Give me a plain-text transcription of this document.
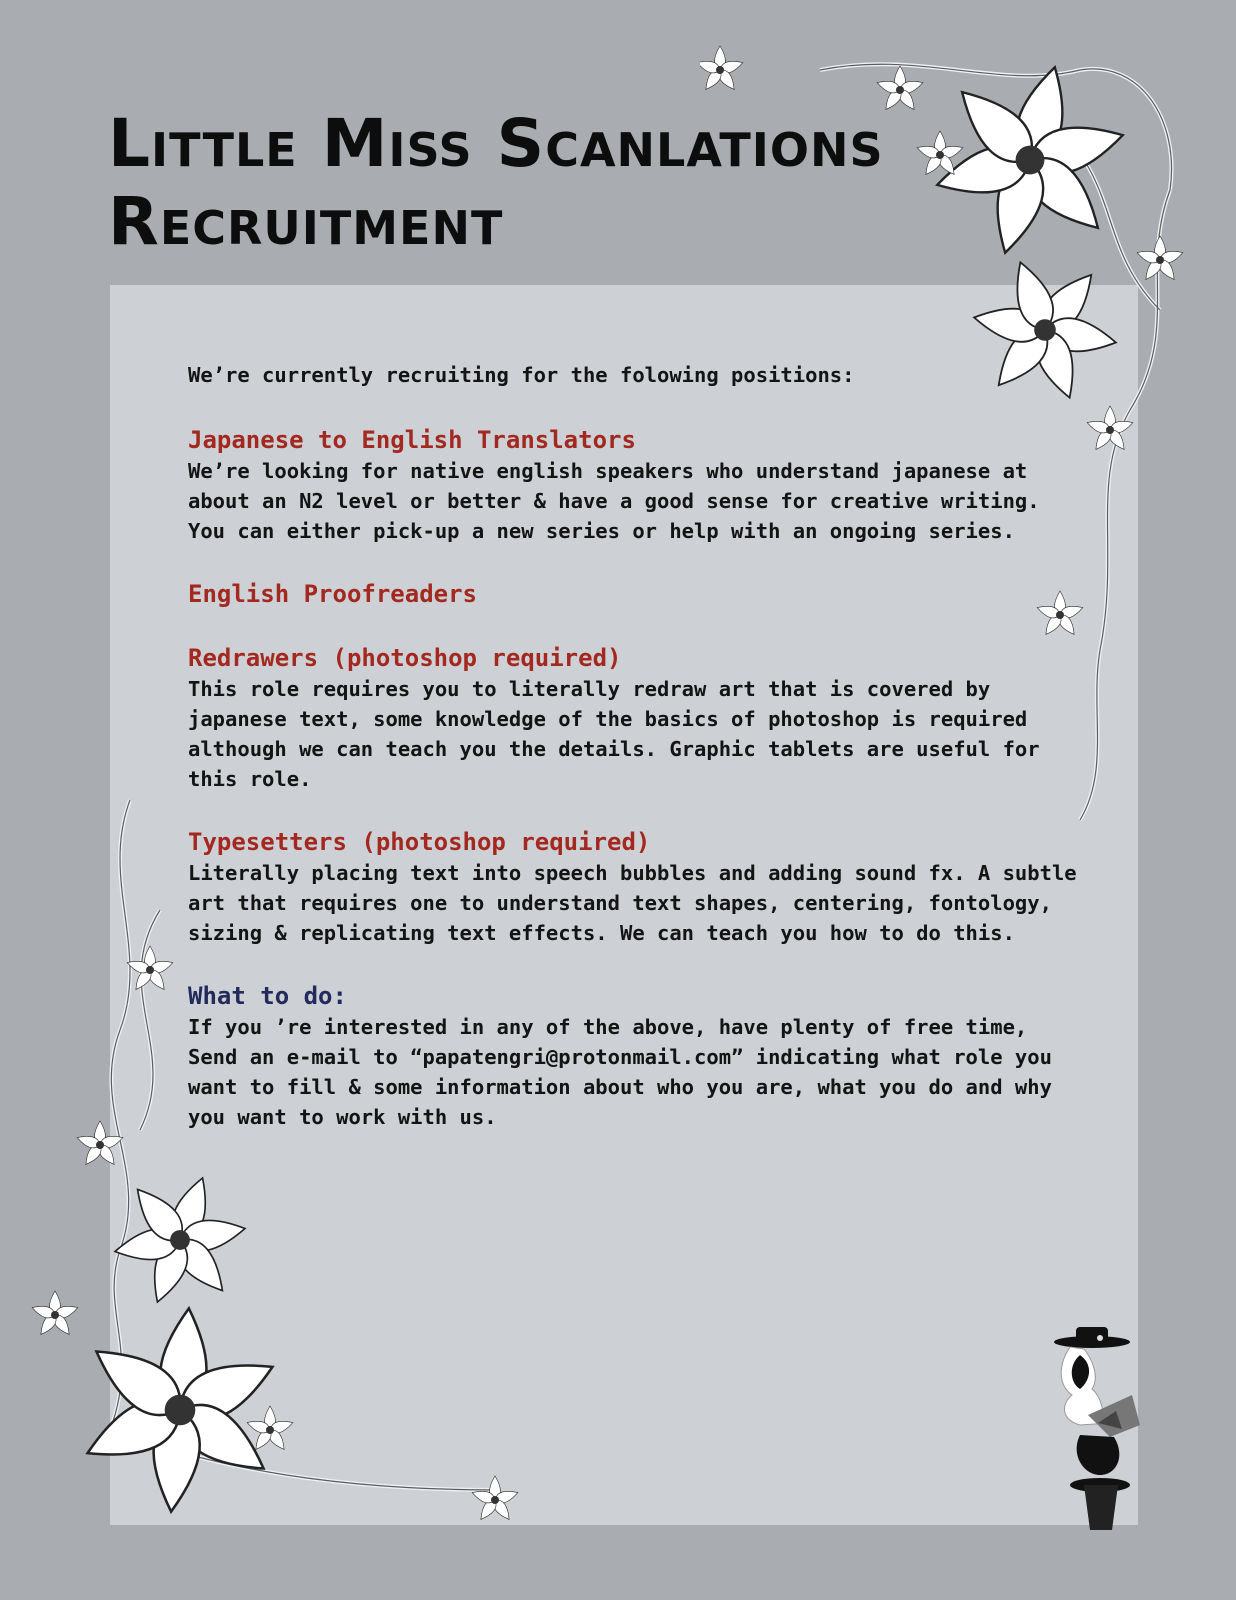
Little Miss Scanlations
Recruitment

We’re currently recruiting for the folowing positions:

Japanese to English Translators

We’re looking for native english speakers who understand japanese at about an N2 level or better & have a good sense for creative writing. You can either pick-up a new series or help with an ongoing series.

English Proofreaders

Redrawers (photoshop required)

This role requires you to literally redraw art that is covered by japanese text, some knowledge of the basics of photoshop is required although we can teach you the details. Graphic tablets are useful for this role.

Typesetters (photoshop required)

Literally placing text into speech bubbles and adding sound fx. A subtle art that requires one to understand text shapes, centering, fontology, sizing & replicating text effects. We can teach you how to do this.

What to do:

If you ’re interested in any of the above, have plenty of free time, Send an e-mail to “papatengri@protonmail.com” indicating what role you want to fill & some information about who you are, what you do and why you want to work with us.
